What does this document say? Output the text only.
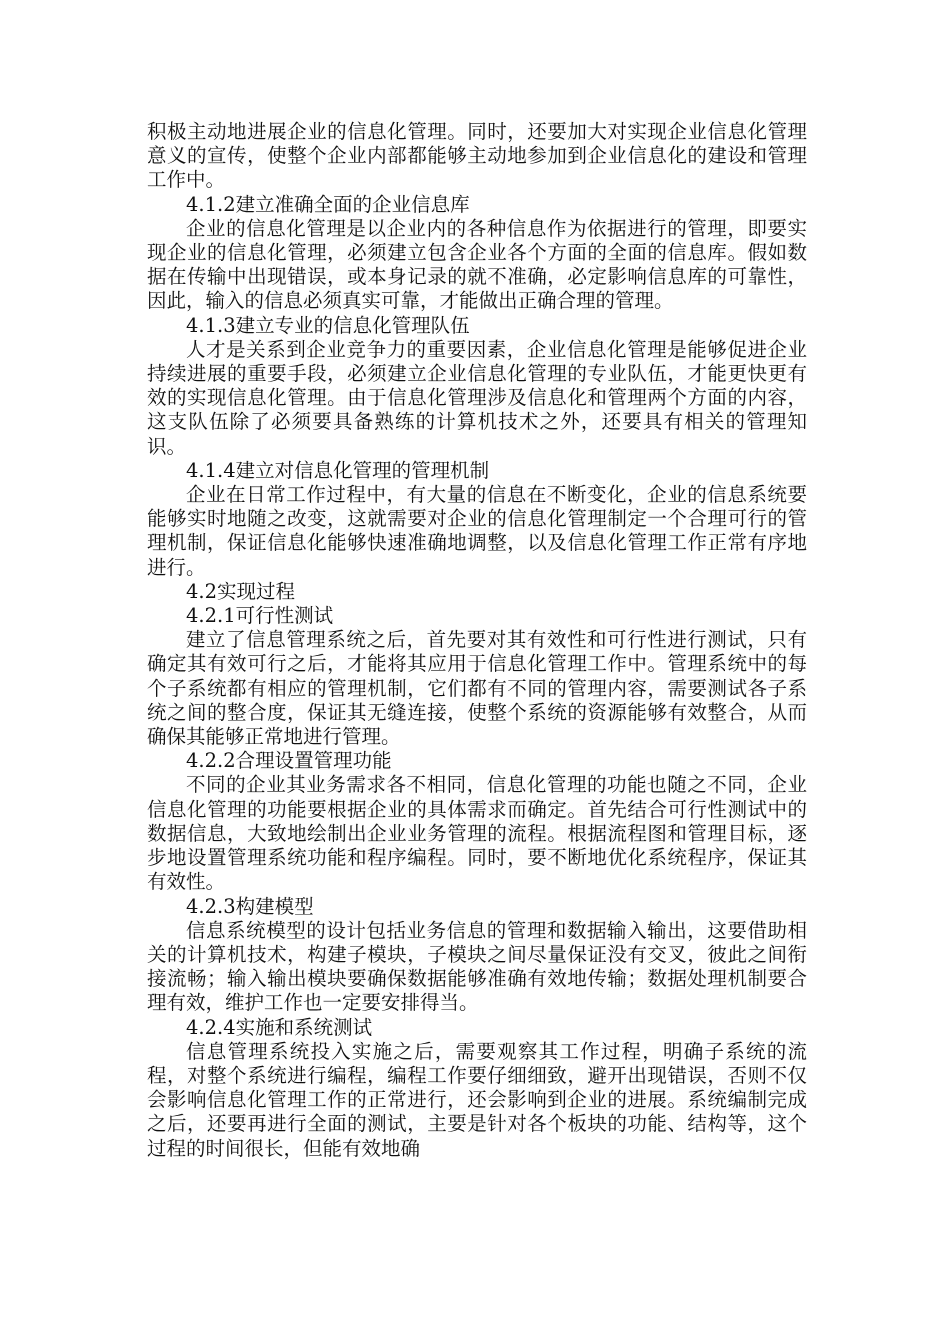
积极主动地进展企业的信息化管理。同时，还要加大对实现企业信息化管理意义的宣传，使整个企业内部都能够主动地参加到企业信息化的建设和管理工作中。

4.1.2建立准确全面的企业信息库

企业的信息化管理是以企业内的各种信息作为依据进行的管理，即要实现企业的信息化管理，必须建立包含企业各个方面的全面的信息库。假如数据在传输中出现错误，或本身记录的就不准确，必定影响信息库的可靠性，因此，输入的信息必须真实可靠，才能做出正确合理的管理。

4.1.3建立专业的信息化管理队伍

人才是关系到企业竞争力的重要因素，企业信息化管理是能够促进企业持续进展的重要手段，必须建立企业信息化管理的专业队伍，才能更快更有效的实现信息化管理。由于信息化管理涉及信息化和管理两个方面的内容，这支队伍除了必须要具备熟练的计算机技术之外，还要具有相关的管理知识。

4.1.4建立对信息化管理的管理机制

企业在日常工作过程中，有大量的信息在不断变化，企业的信息系统要能够实时地随之改变，这就需要对企业的信息化管理制定一个合理可行的管理机制，保证信息化能够快速准确地调整，以及信息化管理工作正常有序地进行。

4.2实现过程

4.2.1可行性测试

建立了信息管理系统之后，首先要对其有效性和可行性进行测试，只有确定其有效可行之后，才能将其应用于信息化管理工作中。管理系统中的每个子系统都有相应的管理机制，它们都有不同的管理内容，需要测试各子系统之间的整合度，保证其无缝连接，使整个系统的资源能够有效整合，从而确保其能够正常地进行管理。

4.2.2合理设置管理功能

不同的企业其业务需求各不相同，信息化管理的功能也随之不同，企业信息化管理的功能要根据企业的具体需求而确定。首先结合可行性测试中的数据信息，大致地绘制出企业业务管理的流程。根据流程图和管理目标，逐步地设置管理系统功能和程序编程。同时，要不断地优化系统程序，保证其有效性。

4.2.3构建模型

信息系统模型的设计包括业务信息的管理和数据输入输出，这要借助相关的计算机技术，构建子模块，子模块之间尽量保证没有交叉，彼此之间衔接流畅；输入输出模块要确保数据能够准确有效地传输；数据处理机制要合理有效，维护工作也一定要安排得当。

4.2.4实施和系统测试

信息管理系统投入实施之后，需要观察其工作过程，明确子系统的流程，对整个系统进行编程，编程工作要仔细细致，避开出现错误，否则不仅会影响信息化管理工作的正常进行，还会影响到企业的进展。系统编制完成之后，还要再进行全面的测试，主要是针对各个板块的功能、结构等，这个过程的时间很长，但能有效地确
